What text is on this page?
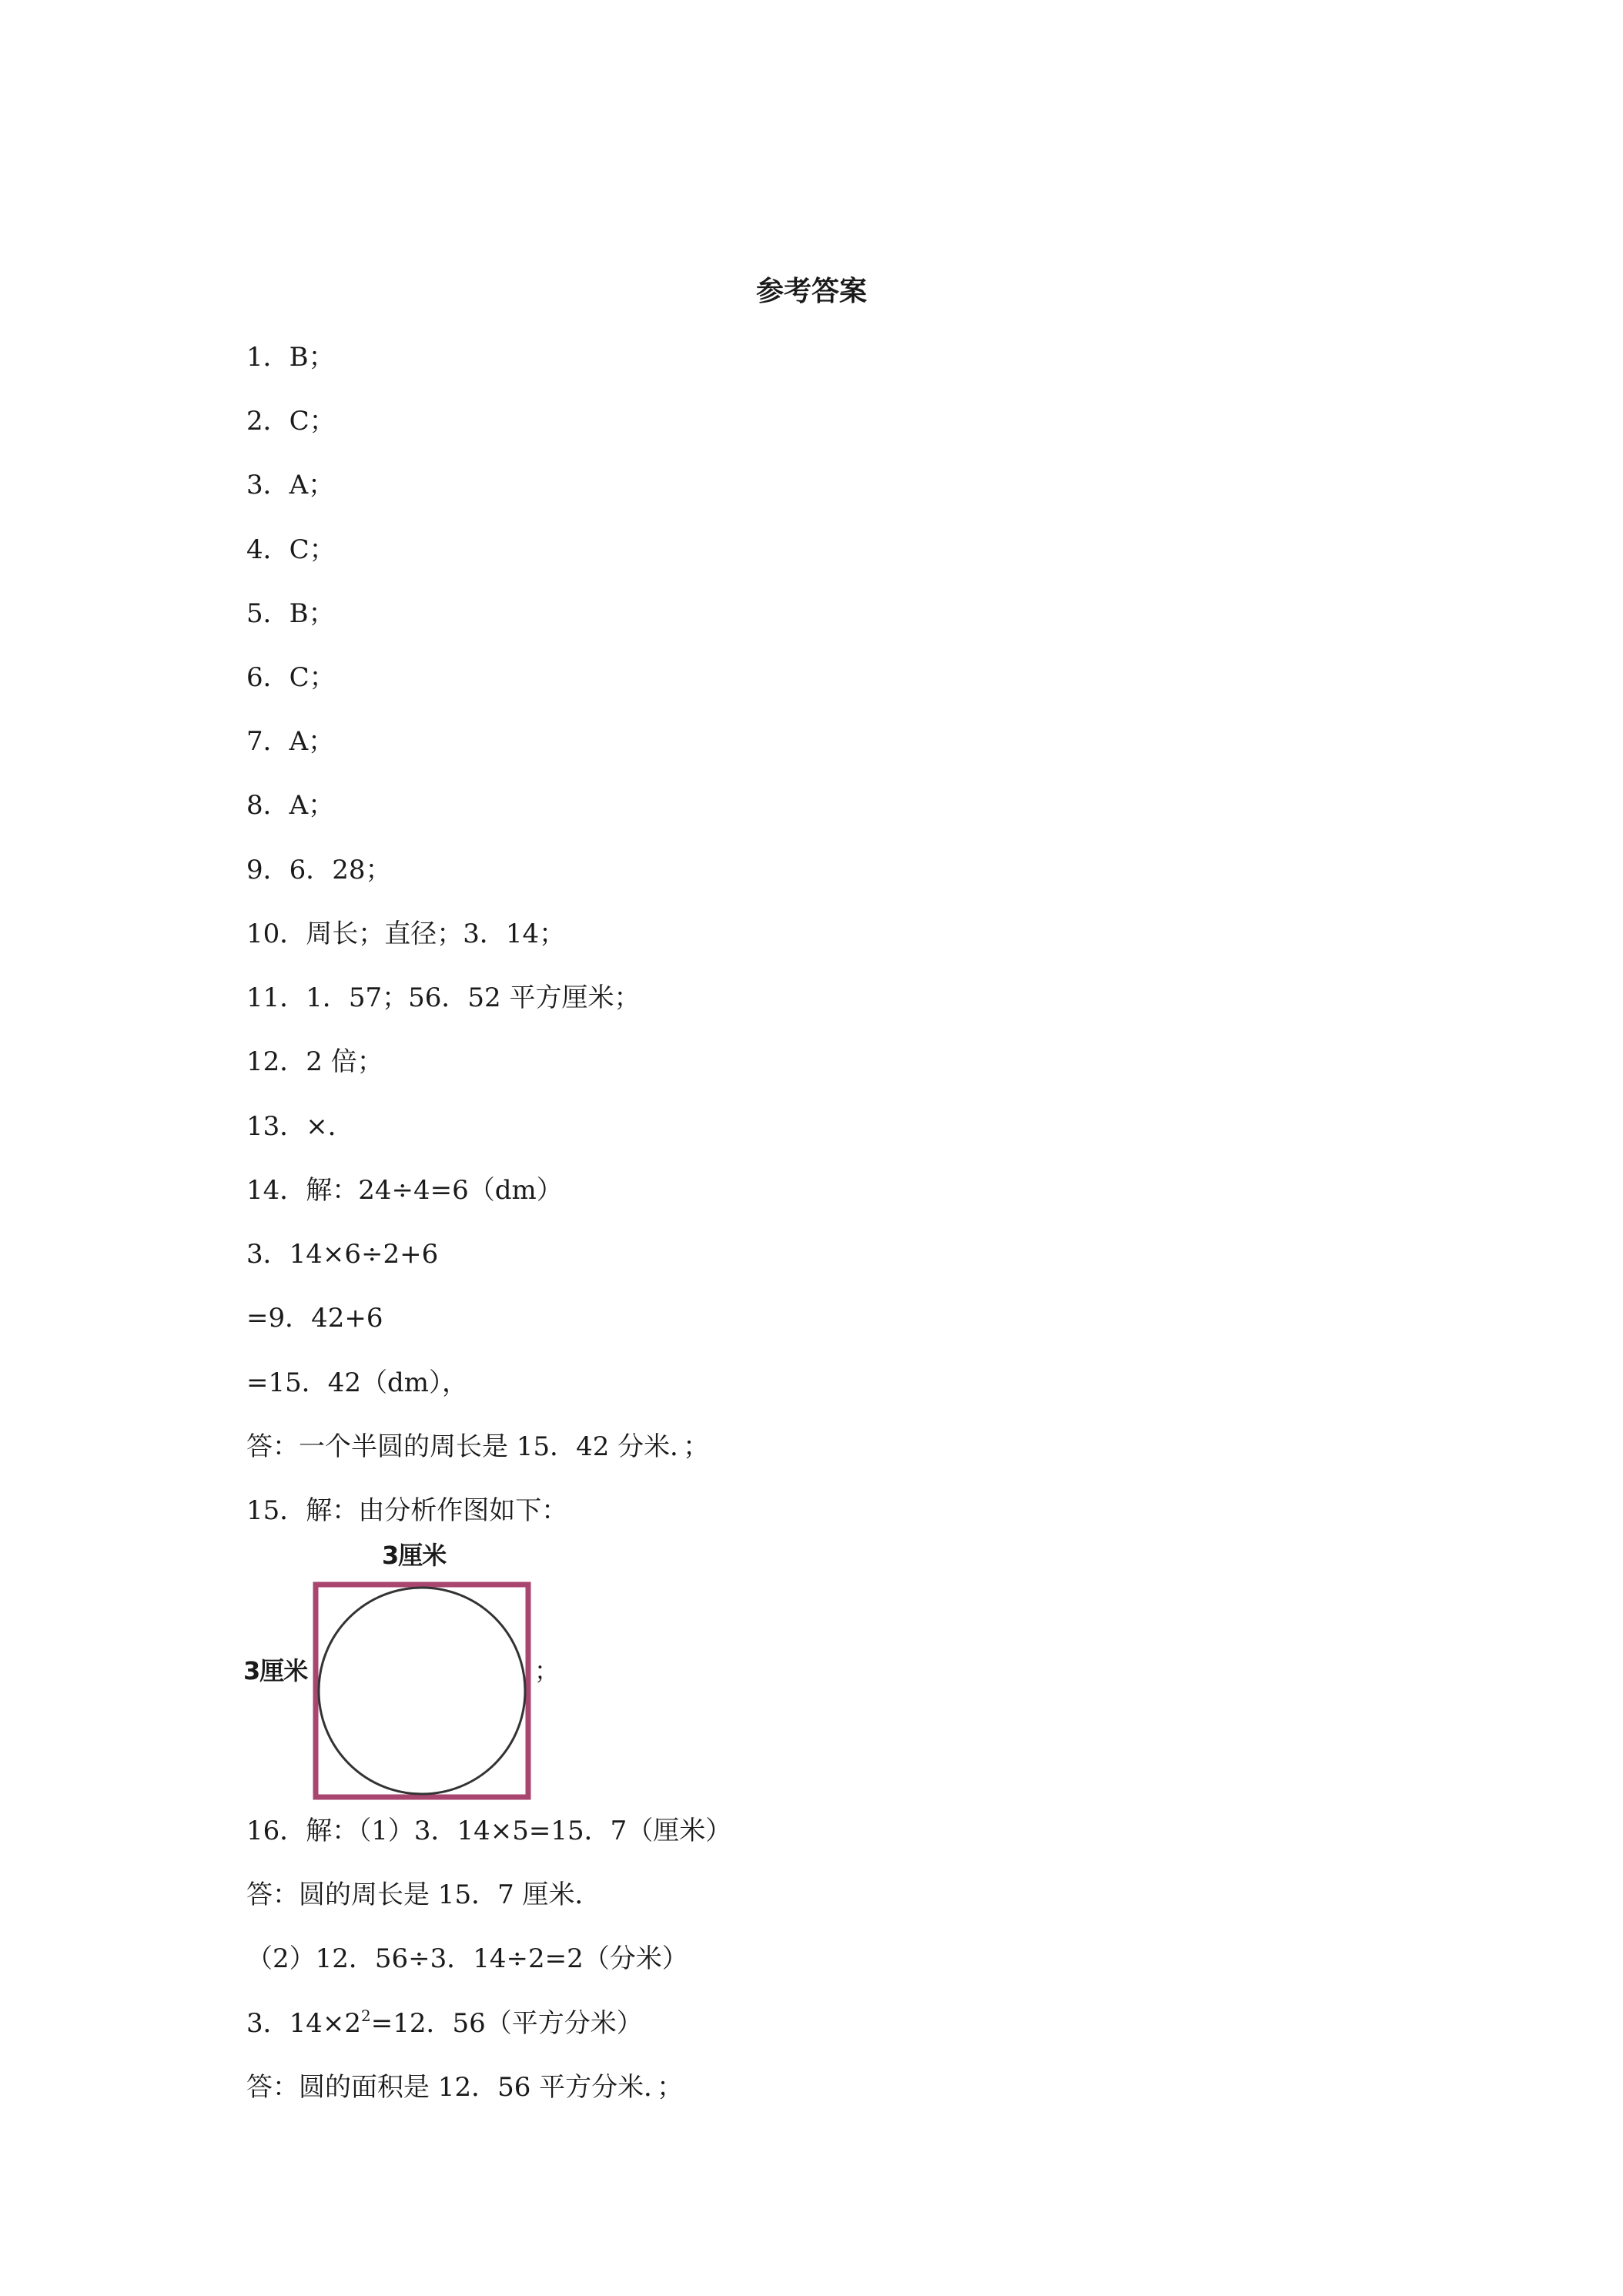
参考答案
1．B；
2．C；
3．A；
4．C；
5．B；
6．C；
7．A；
8．A；
9．6．28；
10．周长；直径；3．14；
11．1．57；56．52 平方厘米；
12．2 倍；
13．×．
14．解：24÷4=6（dm）
3．14×6÷2+6
=9．42+6
=15．42（dm），
答：一个半圆的周长是 15．42 分米．；
15．解：由分析作图如下：
3厘米
3厘米	；
16．解：（1）3．14×5=15．7（厘米）
答：圆的周长是 15．7 厘米．
（2）12．56÷3．14÷2=2（分米）
3．$14\times 2^2=12$．56（平方分米）
答：圆的面积是 12．56 平方分米．；
